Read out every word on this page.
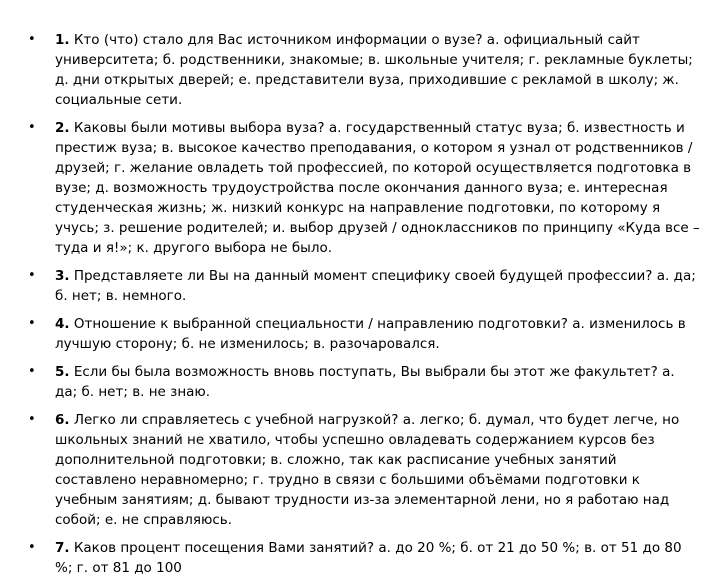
• 1. Кто (что) стало для Вас источником информации о вузе? а. официальный сайт университета; б. родственники, знакомые; в. школьные учителя; г. рекламные буклеты; д. дни открытых дверей; е. представители вуза, приходившие с рекламой в школу; ж. социальные сети.
• 2. Каковы были мотивы выбора вуза? а. государственный статус вуза; б. известность и престиж вуза; в. высокое качество преподавания, о котором я узнал от родственников / друзей; г. желание овладеть той профессией, по которой осуществляется подготовка в вузе; д. возможность трудоустройства после окончания данного вуза; е. интересная студенческая жизнь; ж. низкий конкурс на направление подготовки, по которому я учусь; з. решение родителей; и. выбор друзей / одноклассников по принципу «Куда все – туда и я!»; к. другого выбора не было.
• 3. Представляете ли Вы на данный момент специфику своей будущей профессии? а. да; б. нет; в. немного.
• 4. Отношение к выбранной специальности / направлению подготовки? а. изменилось в лучшую сторону; б. не изменилось; в. разочаровался.
• 5. Если бы была возможность вновь поступать, Вы выбрали бы этот же факультет? а. да; б. нет; в. не знаю.
• 6. Легко ли справляетесь с учебной нагрузкой? а. легко; б. думал, что будет легче, но школьных знаний не хватило, чтобы успешно овладевать содержанием курсов без дополнительной подготовки; в. сложно, так как расписание учебных занятий составлено неравномерно; г. трудно в связи с большими объёмами подготовки к учебным занятиям; д. бывают трудности из-за элементарной лени, но я работаю над собой; е. не справляюсь.
• 7. Каков процент посещения Вами занятий? а. до 20 %; б. от 21 до 50 %; в. от 51 до 80 %; г. от 81 до 100
